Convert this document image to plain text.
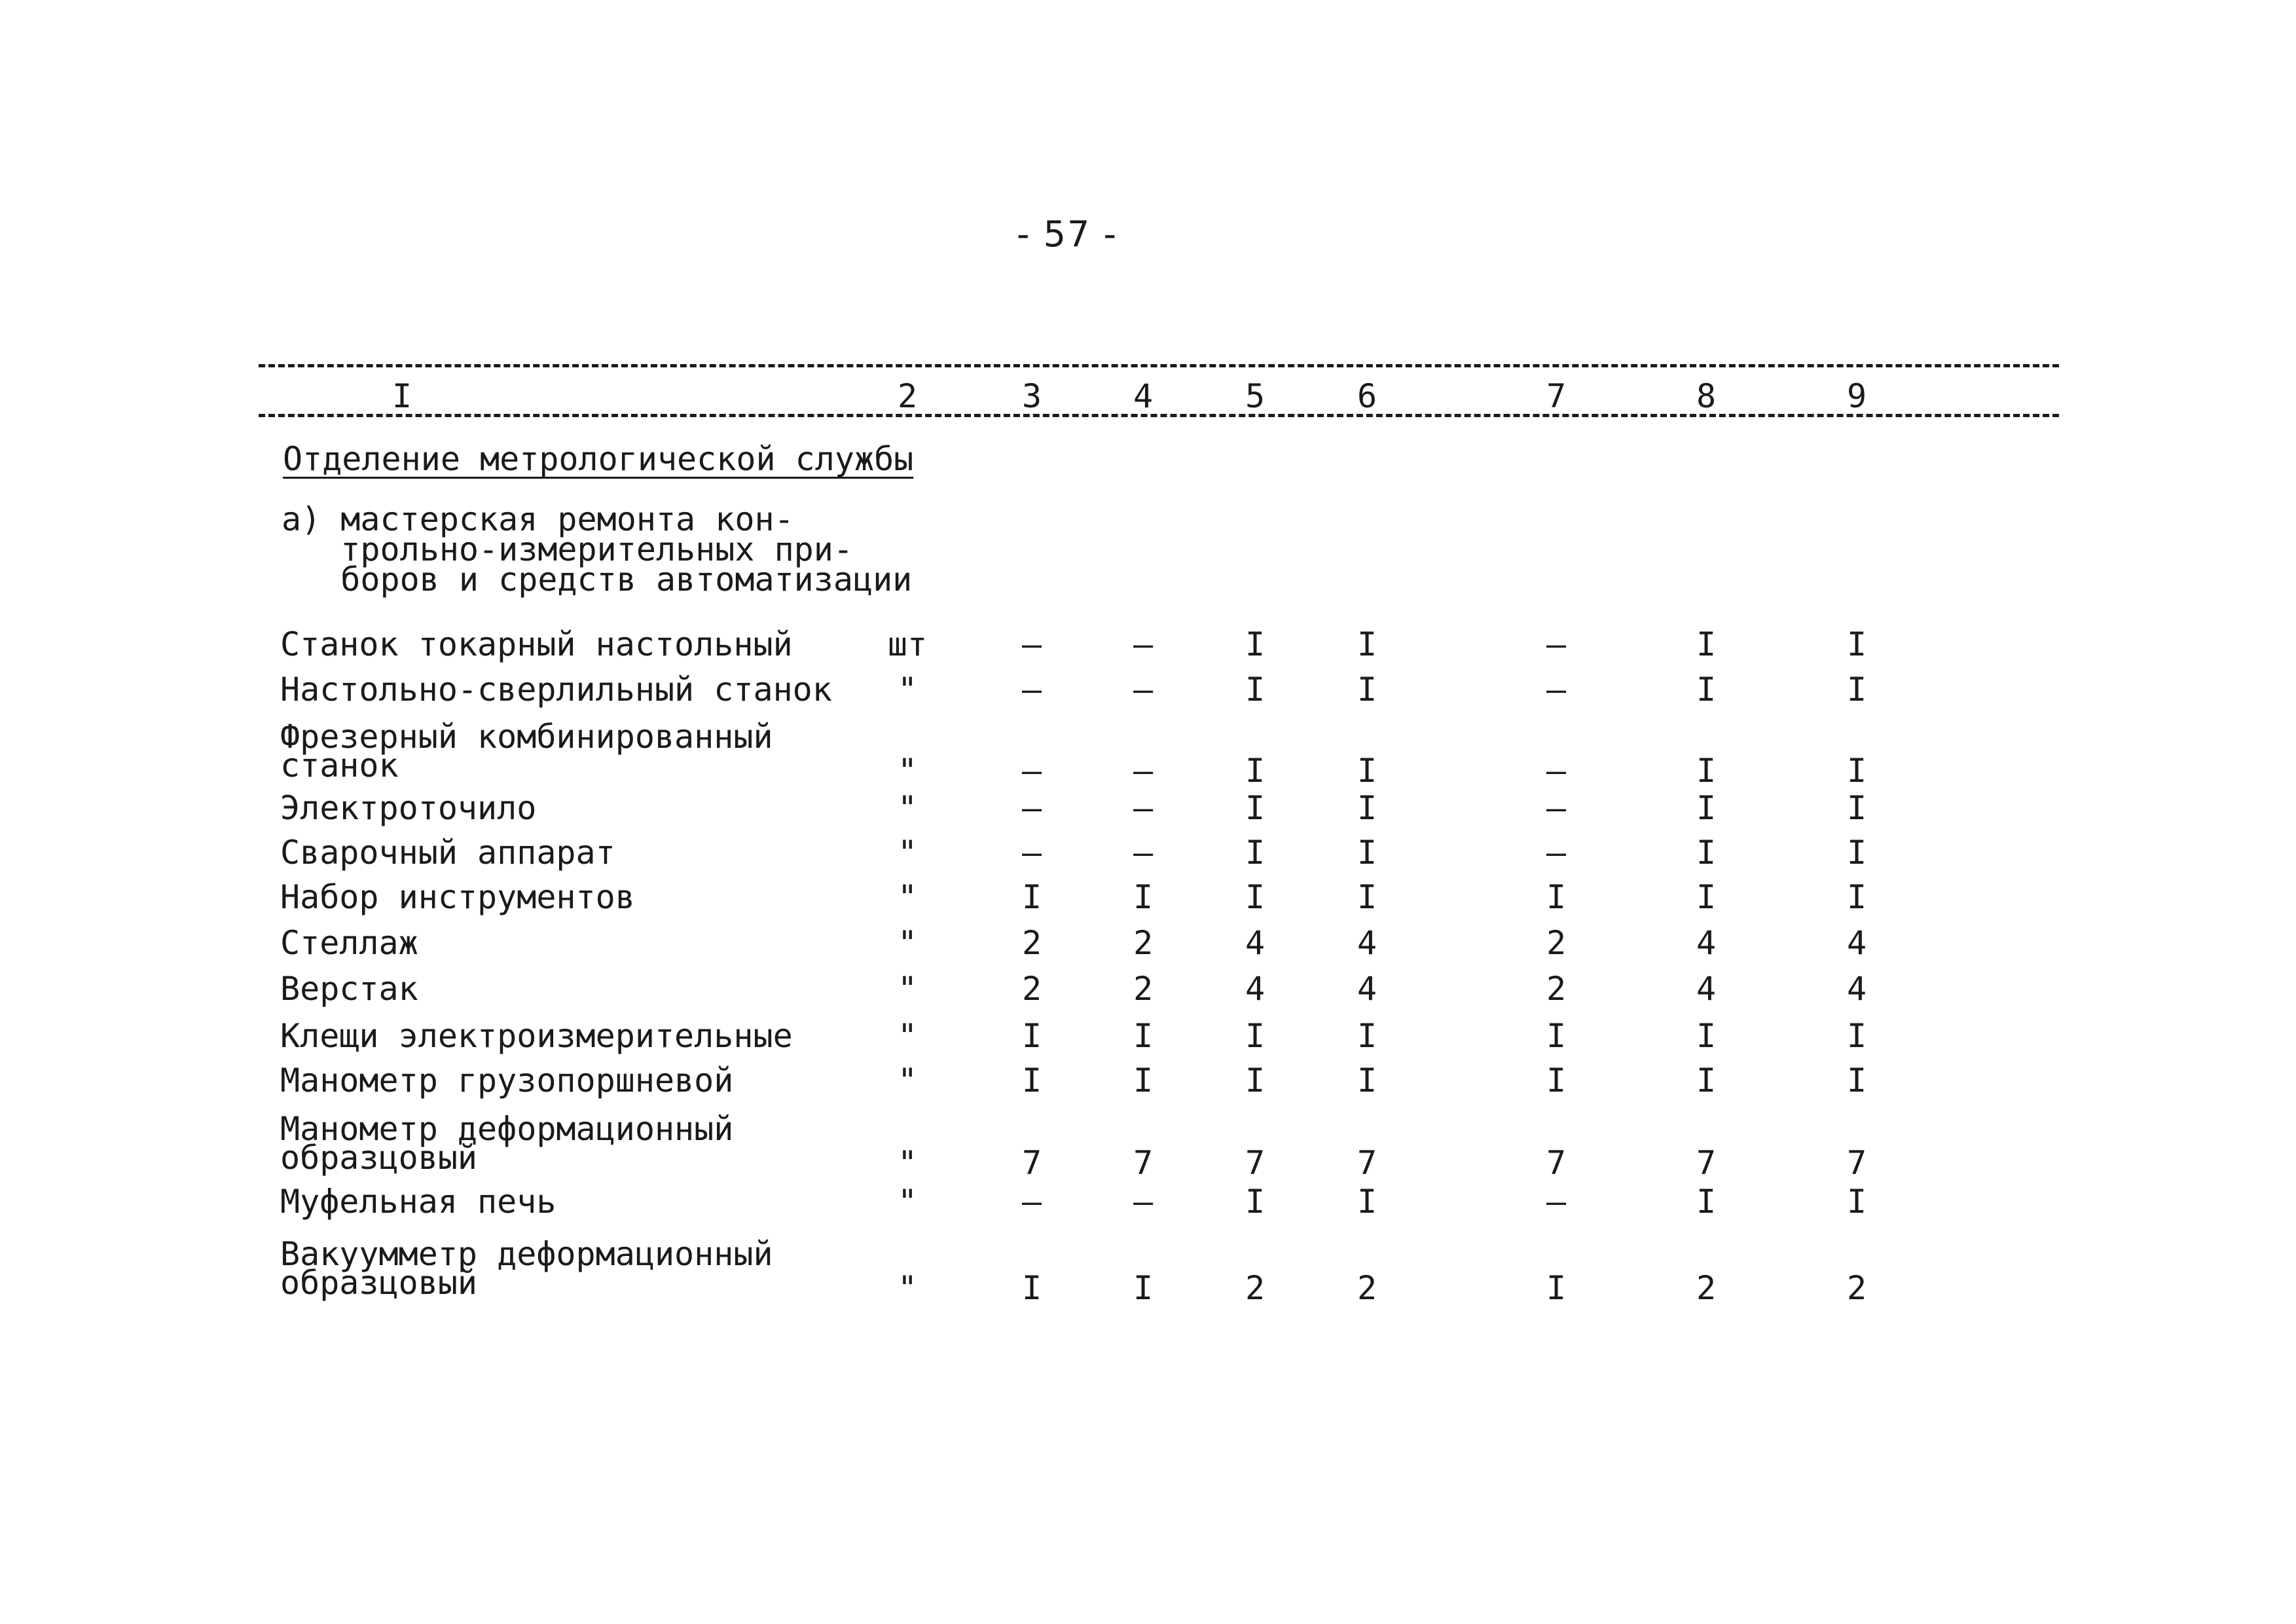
- 57 -
I	2	3	4	5	6	7	8	9
Отделение метрологической службы
а) мастерская ремонта кон-
трольно-измерительных при-
боров и средств автоматизации
Станок токарный настольный	шт	–	–	I	I	–	I	I
Настольно-сверлильный станок	"	–	–	I	I	–	I	I
Фрезерный комбинированный
станок	"	–	–	I	I	–	I	I
Электроточило	"	–	–	I	I	–	I	I
Сварочный аппарат	"	–	–	I	I	–	I	I
Набор инструментов	"	I	I	I	I	I	I	I
Стеллаж	"	2	2	4	4	2	4	4
Верстак	"	2	2	4	4	2	4	4
Клещи электроизмерительные	"	I	I	I	I	I	I	I
Манометр грузопоршневой	"	I	I	I	I	I	I	I
Манометр деформационный
образцовый	"	7	7	7	7	7	7	7
Муфельная печь	"	–	–	I	I	–	I	I
Вакуумметр деформационный
образцовый	"	I	I	2	2	I	2	2
